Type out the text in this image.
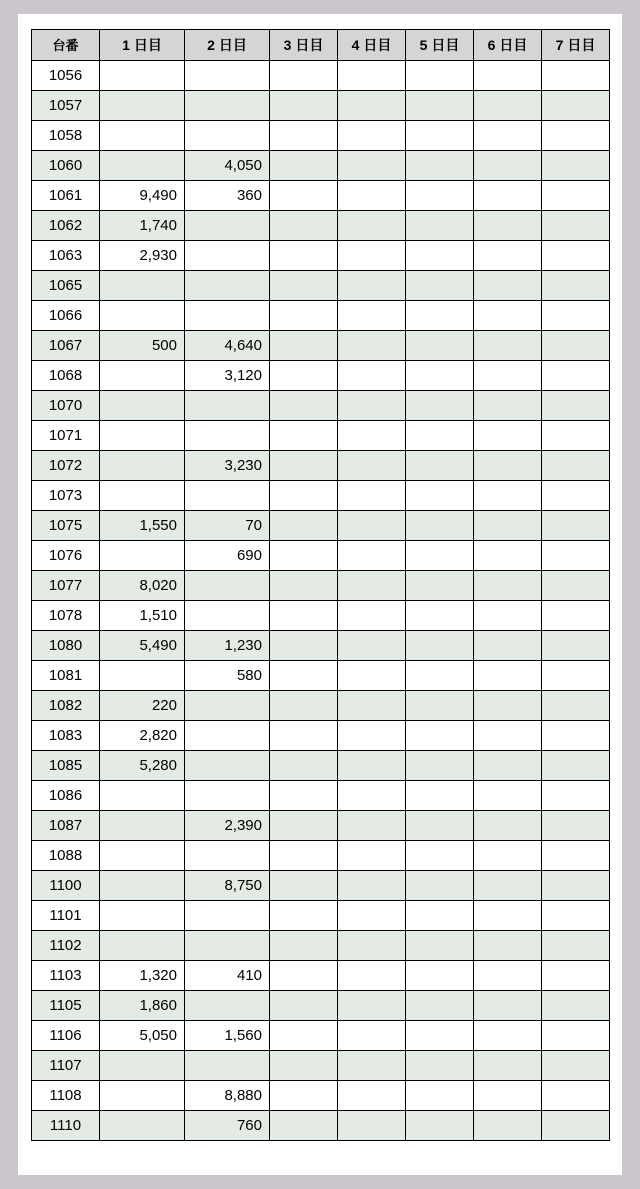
台番	1 日目	2 日目	3 日目	4 日目	5 日目	6 日目	7 日目
1056							
1057							
1058							
1060		4,050					
1061	9,490	360					
1062	1,740						
1063	2,930						
1065							
1066							
1067	500	4,640					
1068		3,120					
1070							
1071							
1072		3,230					
1073							
1075	1,550	70					
1076		690					
1077	8,020						
1078	1,510						
1080	5,490	1,230					
1081		580					
1082	220						
1083	2,820						
1085	5,280						
1086							
1087		2,390					
1088							
1100		8,750					
1101							
1102							
1103	1,320	410					
1105	1,860						
1106	5,050	1,560					
1107							
1108		8,880					
1110		760					
